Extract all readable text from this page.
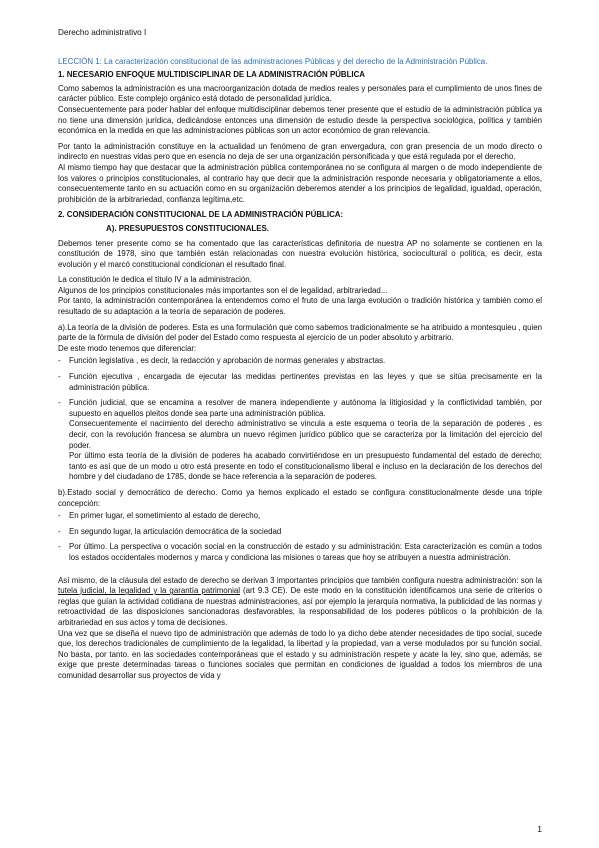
Derecho administrativo I

LECCIÓN 1: La caracterización constitucional de las administraciones Públicas y del derecho de la Administración Pública.

1. NECESARIO ENFOQUE MULTIDISCIPLINAR DE LA ADMINISTRACIÓN PÚBLICA

Como sabemos la administración es una macroorganización dotada de medios reales y personales para el cumplimiento de unos fines de carácter público. Este complejo orgánico está dotado de personalidad jurídica.

Consecuentemente para poder hablar del enfoque multidisciplinar debemos tener presente que el estudio de la administración pública ya no tiene una dimensión jurídica, dedicándose entonces una dimensión de estudio desde la perspectiva sociológica, política y también económica en la medida en que las administraciones públicas son un actor económico de gran relevancia.

Por tanto la administración constituye en la actualidad un fenómeno de gran envergadura, con gran presencia de un modo directo o indirecto en nuestras vidas pero que en esencia no deja de ser una organización personificada y que está regulada por el derecho.

Al mismo tiempo hay que destacar que la administración pública contemporánea no se configura al margen o de modo independiente de los valores o principios constitucionales, al contrario hay que decir que la administración responde necesaria y obligatoriamente a ellos, consecuentemente tanto en su actuación como en su organización deberemos atender a los principios de legalidad, igualdad, operación, prohibición de la arbitrariedad, confianza legítima,etc.

2. CONSIDERACIÓN CONSTITUCIONAL DE LA ADMINISTRACIÓN PÚBLICA:

A). PRESUPUESTOS CONSTITUCIONALES.

Debemos tener presente como se ha comentado que las características definitoria de nuestra AP no solamente se contienen en la constitución de 1978, sino que también están relacionadas con nuestra evolución histórica, sociocultural o política, es decir, esta evolución y el marcó constitucional condicionan el resultado final.

La constitución le dedica el título IV a la administración.

Algunos de los principios constitucionales más importantes son el de legalidad, arbitrariedad...

Por tanto, la administración contemporánea la entendemos como el fruto de una larga evolución o tradición histórica y también como el resultado de su adaptación a la teoría de separación de poderes.

a).La teoría de la división de poderes. Esta es una formulación que como sabemos tradicionalmente se ha atribuido a montesquieu , quien parte de la fórmula de división del poder del Estado como respuesta al ejercicio de un poder absoluto y arbitrario.

De este modo tenemos que diferenciar:

- Función legislativa , es decir, la redacción y aprobación de normas generales y abstractas.

- Función ejecutiva , encargada de ejecutar las medidas pertinentes previstas en las leyes y que se sitúa precisamente en la administración pública.

- Función judicial, que se encamina a resolver de manera independiente y autónoma la litigiosidad y la conflictividad también, por supuesto en aquellos pleitos donde sea parte una administración pública.

Consecuentemente el nacimiento del derecho administrativo se vincula a este esquema o teoría de la separación de poderes , es decir, con la revolución francesa se alumbra un nuevo régimen jurídico público que se caracteriza por la limitación del ejercicio del poder.

Por último esta teoría de la división de poderes ha acabado convirtiéndose en un presupuesto fundamental del estado de derecho; tanto es así que de un modo u otro está presente en todo el constitucionalismo liberal e incluso en la declaración de los derechos del hombre y del ciudadano de 1785, donde se hace referencia a la separación de poderes.

b).Estado social y democrático de derecho. Como ya hemos explicado el estado se configura constitucionalmente desde una triple concepción:

- En primer lugar, el sometimiento al estado de derecho,

- En segundo lugar, la articulación democrática de la sociedad

- Por último. La perspectiva o vocación social en la construcción de estado y su administración: Esta caracterización es común a todos los estados occidentales modernos y marca y condiciona las misiones o tareas que hoy se atribuyen a nuestra administración.

Así mismo, de la cláusula del estado de derecho se derivan 3 importantes principios que también configura nuestra administración: son la tutela judicial, la legalidad y la garantía patrimonial (art 9.3 CE). De este modo en la constitución identificamos una serie de criterios o reglas que guían la actividad cotidiana de nuestras administraciones, así por ejemplo la jerarquía normativa, la publicidad de las normas y retroactividad de las disposiciones sancionadoras desfavorables, la responsabilidad de los poderes públicos o la prohibición de la arbitrariedad en sus actos y toma de decisiones.

Una vez que se diseña el nuevo tipo de administración que además de todo lo ya dicho debe atender necesidades de tipo social, sucede que, los derechos tradicionales de cumplimiento de la legalidad, la libertad y la propiedad, van a verse modulados por su función social. No basta, por tanto. en las sociedades contemporáneas que el estado y su administración respete y acate la ley, sino que, además, se exige que preste determinadas tareas o funciones sociales que permitan en condiciones de igualdad a todos los miembros de una comunidad desarrollar sus proyectos de vida y

1
